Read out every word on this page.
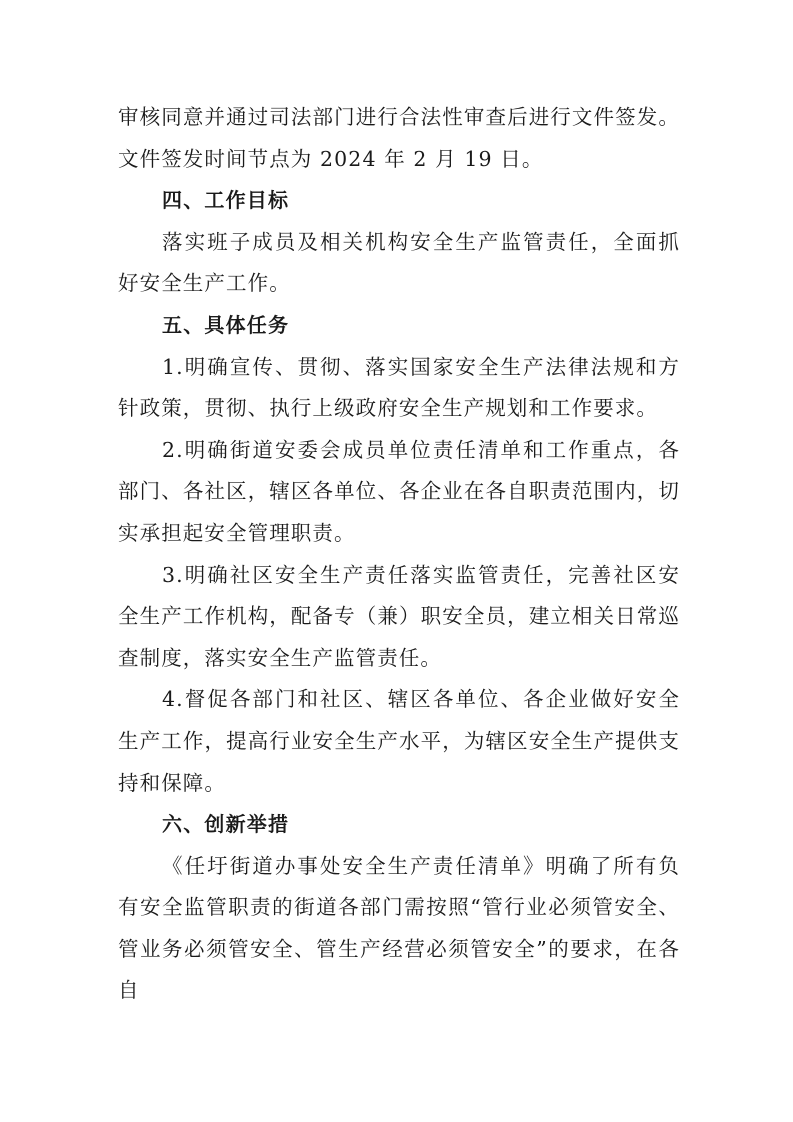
审核同意并通过司法部门进行合法性审查后进行文件签发。文件签发时间节点为 2024 年 2 月 19 日。

四、工作目标

落实班子成员及相关机构安全生产监管责任，全面抓好安全生产工作。

五、具体任务

1.明确宣传、贯彻、落实国家安全生产法律法规和方针政策，贯彻、执行上级政府安全生产规划和工作要求。

2.明确街道安委会成员单位责任清单和工作重点，各部门、各社区，辖区各单位、各企业在各自职责范围内，切实承担起安全管理职责。

3.明确社区安全生产责任落实监管责任，完善社区安全生产工作机构，配备专（兼）职安全员，建立相关日常巡查制度，落实安全生产监管责任。

4.督促各部门和社区、辖区各单位、各企业做好安全生产工作，提高行业安全生产水平，为辖区安全生产提供支持和保障。

六、创新举措

《任圩街道办事处安全生产责任清单》明确了所有负有安全监管职责的街道各部门需按照“管行业必须管安全、管业务必须管安全、管生产经营必须管安全”的要求，在各自
